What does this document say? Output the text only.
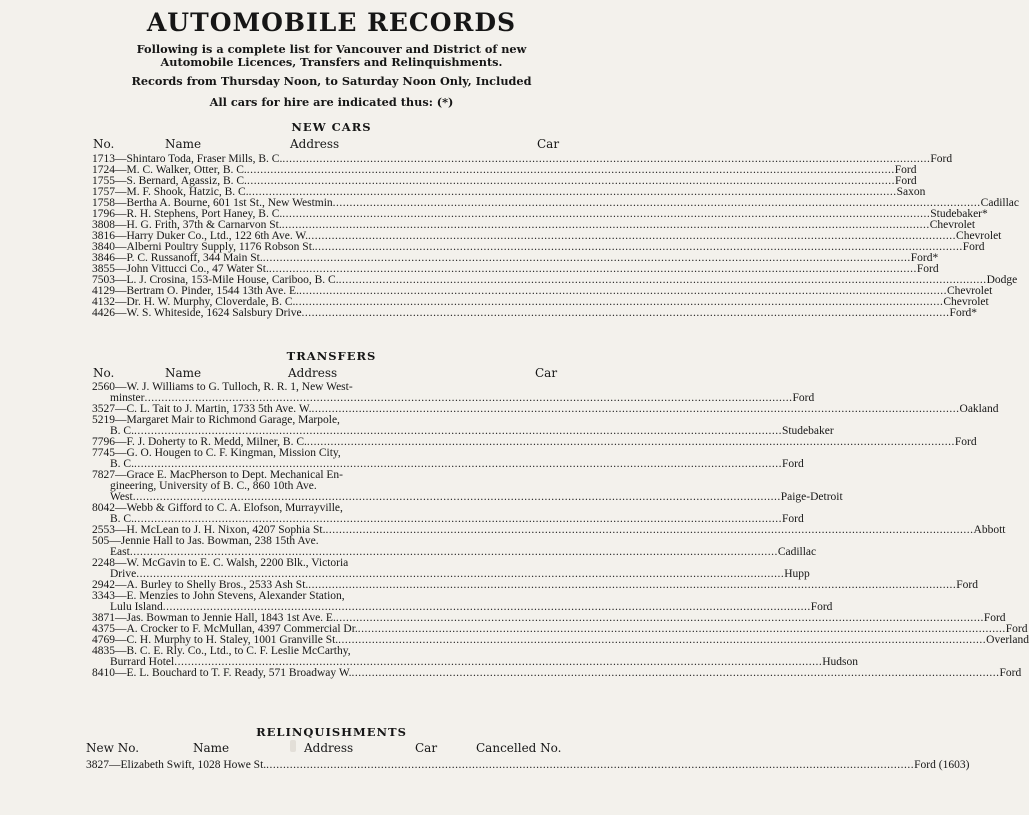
AUTOMOBILE RECORDS
Following is a complete list for Vancouver and District of new
Automobile Licences, Transfers and Relinquishments.
Records from Thursday Noon, to Saturday Noon Only, Included
All cars for hire are indicated thus: (*)
NEW CARS
No.	Name	Address	Car
1713—Shintaro Toda, Fraser Mills, B. C. .....	Ford
1724—M. C. Walker, Otter, B. C. .....	Ford
1755—S. Bernard, Agassiz, B. C. .....	Ford
1757—M. F. Shook, Hatzic, B. C. .....	Saxon
1758—Bertha A. Bourne, 601 1st St., New Westmin .....	Cadillac
1796—R. H. Stephens, Port Haney, B. C. .....	Studebaker*
3808—H. G. Frith, 37th & Carnarvon St. .....	Chevrolet
3816—Harry Duker Co., Ltd., 122 6th Ave. W. .....	Chevrolet
3840—Alberni Poultry Supply, 1176 Robson St. .....	Ford
3846—P. C. Russanoff, 344 Main St. .....	Ford*
3855—John Vittucci Co., 47 Water St. .....	Ford
7503—L. J. Crosina, 153-Mile House, Cariboo, B. C. .....	Dodge
4129—Bertram O. Pinder, 1544 13th Ave. E. .....	Chevrolet
4132—Dr. H. W. Murphy, Cloverdale, B. C. .....	Chevrolet
4426—W. S. Whiteside, 1624 Salsbury Drive .....	Ford*
TRANSFERS
No.	Name	Address	Car
2560—W. J. Williams to G. Tulloch, R. R. 1, New West-
minster .....	Ford
3527—C. L. Tait to J. Martin, 1733 5th Ave. W. .....	Oakland
5219—Margaret Mair to Richmond Garage, Marpole,
B. C. .....	Studebaker
7796—F. J. Doherty to R. Medd, Milner, B. C. .....	Ford
7745—G. O. Hougen to C. F. Kingman, Mission City,
B. C. .....	Ford
7827—Grace E. MacPherson to Dept. Mechanical En-
gineering, University of B. C., 860 10th Ave.
West .....	Paige-Detroit
8042—Webb & Gifford to C. A. Elofson, Murrayville,
B. C. .....	Ford
2553—H. McLean to J. H. Nixon, 4207 Sophia St. .....	Abbott
505—Jennie Hall to Jas. Bowman, 238 15th Ave.
East .....	Cadillac
2248—W. McGavin to E. C. Walsh, 2200 Blk., Victoria
Drive .....	Hupp
2942—A. Burley to Shelly Bros., 2533 Ash St. .....	Ford
3343—E. Menzies to John Stevens, Alexander Station,
Lulu Island .....	Ford
3871—Jas. Bowman to Jennie Hall, 1843 1st Ave. E. .....	Ford
4375—A. Crocker to F. McMullan, 4397 Commercial Dr. .....	Ford
4769—C. H. Murphy to H. Staley, 1001 Granville St. .....	Overland
4835—B. C. E. Rly. Co., Ltd., to C. F. Leslie McCarthy,
Burrard Hotel .....	Hudson
8410—E. L. Bouchard to T. F. Ready, 571 Broadway W. .....	Ford
RELINQUISHMENTS
New No.	Name	Address	Car	Cancelled No.
3827—Elizabeth Swift, 1028 Howe St. .....	Ford (1603)
